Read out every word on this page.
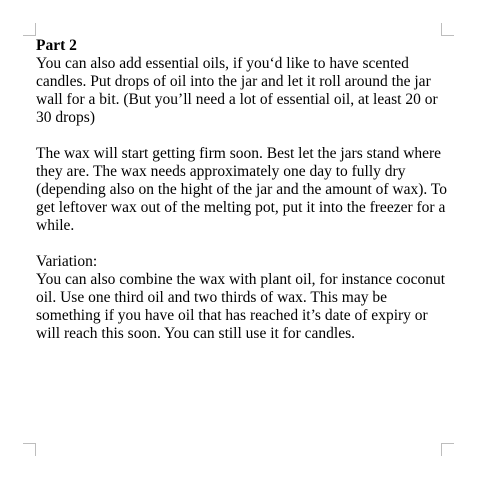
Part 2

You can also add essential oils, if you‘d like to have scented candles. Put drops of oil into the jar and let it roll around the jar wall for a bit. (But you’ll need a lot of essential oil, at least 20 or 30 drops)

The wax will start getting firm soon. Best let the jars stand where they are. The wax needs approximately one day to fully dry (depending also on the hight of the jar and the amount of wax). To get leftover wax out of the melting pot, put it into the freezer for a while.

Variation:

You can also combine the wax with plant oil, for instance coconut oil. Use one third oil and two thirds of wax. This may be something if you have oil that has reached it’s date of expiry or will reach this soon. You can still use it for candles.
